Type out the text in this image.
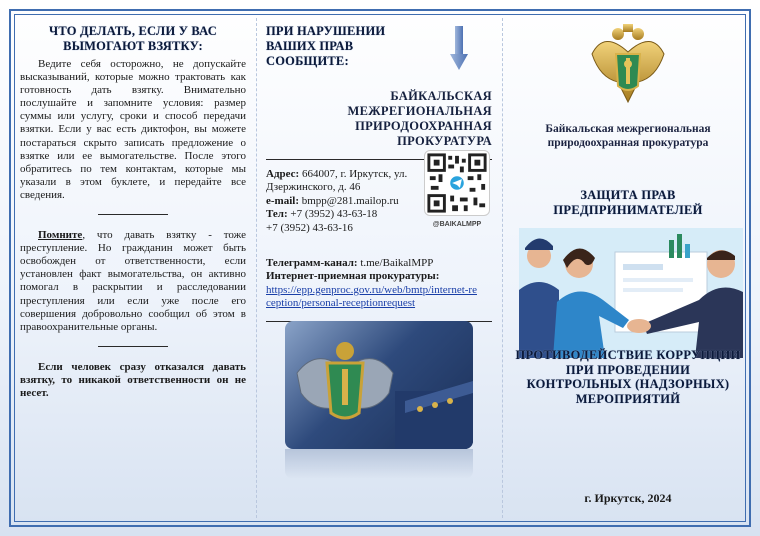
ЧТО ДЕЛАТЬ, ЕСЛИ У ВАС ВЫМОГАЮТ ВЗЯТКУ:

Ведите себя осторожно, не допускайте высказываний, которые можно трактовать как готовность дать взятку. Внимательно послушайте и запомните условия: размер суммы или услугу, сроки и способ передачи взятки. Если у вас есть диктофон, вы можете постараться скрыто записать предложение о взятке или ее вымогательстве. После этого обратитесь по тем контактам, которые мы указали в этом буклете, и передайте все сведения.

Помните, что давать взятку - тоже преступление. Но гражданин может быть освобожден от ответственности, если установлен факт вымогательства, он активно помогал в раскрытии и расследовании преступления или если уже после его совершения добровольно сообщил об этом в правоохранительные органы.

Если человек сразу отказался давать взятку, то никакой ответственности он не несет.

ПРИ НАРУШЕНИИ ВАШИХ ПРАВ СООБЩИТЕ:
БАЙКАЛЬСКАЯ МЕЖРЕГИОНАЛЬНАЯ ПРИРОДООХРАННАЯ ПРОКУРАТУРА
Адрес: 664007, г. Иркутск, ул. Дзержинского, д. 46
e-mail: bmpp@281.mailop.ru
Тел: +7 (3952) 43-63-18
+7 (3952) 43-63-16	@BAIKALMPP
Телеграмм-канал: t.me/BaikalMPP
Интернет-приемная прокуратуры:
https://epp.genproc.gov.ru/web/bmtp/internet-reception/personal-receptionrequest
Байкальская межрегиональная природоохранная прокуратура
ЗАЩИТА ПРАВ ПРЕДПРИНИМАТЕЛЕЙ
ПРОТИВОДЕЙСТВИЕ КОРРУПЦИИ ПРИ ПРОВЕДЕНИИ КОНТРОЛЬНЫХ (НАДЗОРНЫХ) МЕРОПРИЯТИЙ
г. Иркутск, 2024
